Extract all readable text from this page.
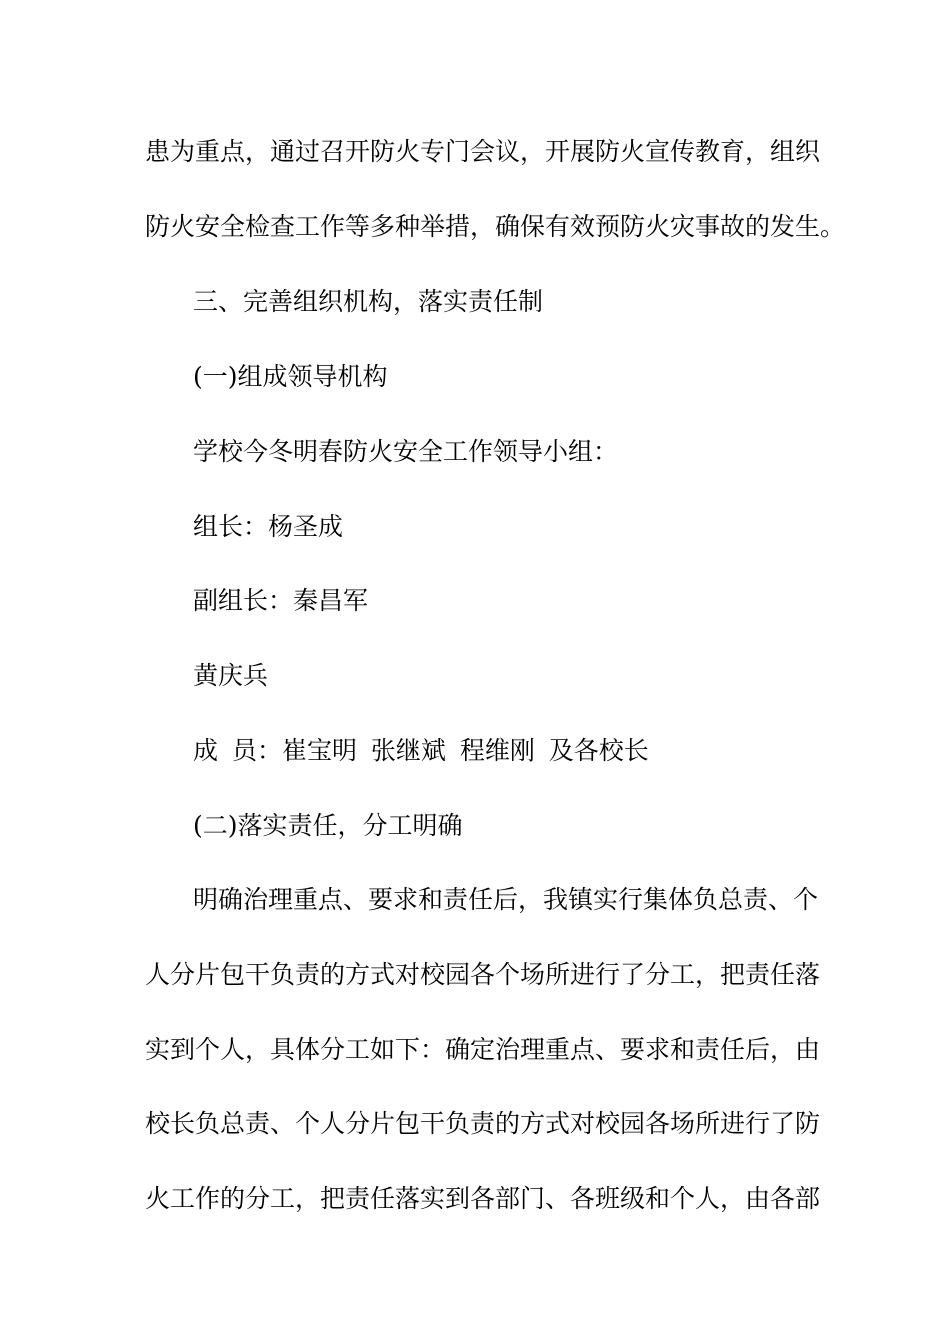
患为重点，通过召开防火专门会议，开展防火宣传教育，组织
防火安全检查工作等多种举措，确保有效预防火灾事故的发生。
三、完善组织机构，落实责任制
(一)组成领导机构
学校今冬明春防火安全工作领导小组：
组长：杨圣成
副组长：秦昌军
黄庆兵
成 员：崔宝明 张继斌 程维刚 及各校长
(二)落实责任，分工明确
明确治理重点、要求和责任后，我镇实行集体负总责、个
人分片包干负责的方式对校园各个场所进行了分工，把责任落
实到个人，具体分工如下：确定治理重点、要求和责任后，由
校长负总责、个人分片包干负责的方式对校园各场所进行了防
火工作的分工，把责任落实到各部门、各班级和个人，由各部
